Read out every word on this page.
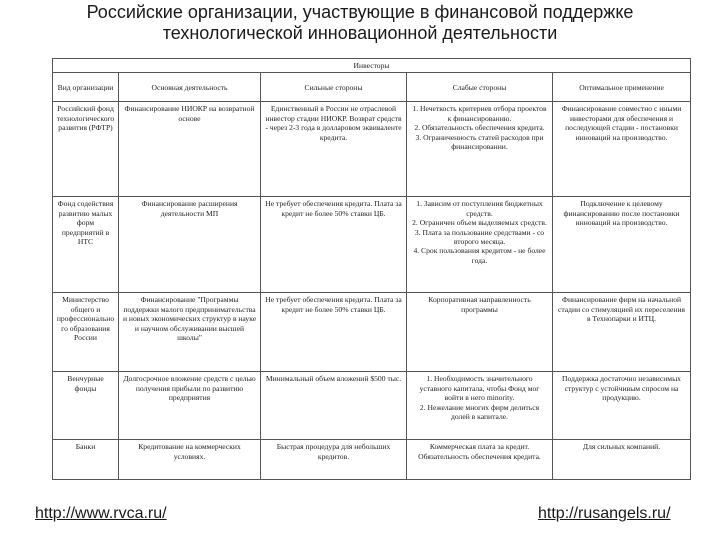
Российские организации, участвующие в финансовой поддержке
технологической инновационной деятельности
Инвесторы				
Вид организации	Основная деятельность	Сильные стороны	Слабые стороны	Оптимальное применение
Российский фонд технологического развития (РФТР)	Финансирование НИОКР на возвратной основе	Единственный в России не отраслевой инвестор стадии НИОКР. Возврат средств - через 2-3 года в долларовом эквиваленте кредита.	1. Нечеткость критериев отбора проектов к финансированию.
2. Обязательность обеспечения кредита.
3. Ограниченность статей расходов при финансировании.	Финансирование совместно с иными инвесторами для обеспечения и последующей стадии - постановки инноваций на производство.
Фонд содействия развитию малых форм предприятий в НТС	Финансирование расширения деятельности МП	Не требует обеспечения кредита. Плата за кредит не более 50% ставки ЦБ.	1. Зависим от поступления бюджетных средств.
2. Ограничен объем выделяемых средств.
3. Плата за пользование средствами - со второго месяца.
4. Срок пользования кредитом - не более года.	Подключение к целевому финансированию после постановки инноваций на производство.
Министерство общего и профессионального образования России	Финансирование "Программы поддержки малого предпринимательства и новых экономических структур в науке и научном обслуживании высшей школы"	Не требует обеспечения кредита. Плата за кредит не более 50% ставки ЦБ.	Корпоративная направленность программы	Финансирование фирм на начальной стадии со стимуляцией их переселения в Технопарки и ИТЦ.
Венчурные фонды	Долгосрочное вложение средств с целью получения прибыли по развитию предприятия	Минимальный объем вложений $500 тыс.	1. Необходимость значительного уставного капитала, чтобы Фонд мог войти в него minority.
2. Нежелание многих фирм делиться долей в капитале.	Поддержка достаточно независимых структур с устойчивым спросом на продукцию.
Банки	Кредитование на коммерческих условиях.	Быстрая процедура для небольших кредитов.	Коммерческая плата за кредит. Обязательность обеспечения кредита.	Для сильных компаний.
http://www.rvca.ru/	http://rusangels.ru/
